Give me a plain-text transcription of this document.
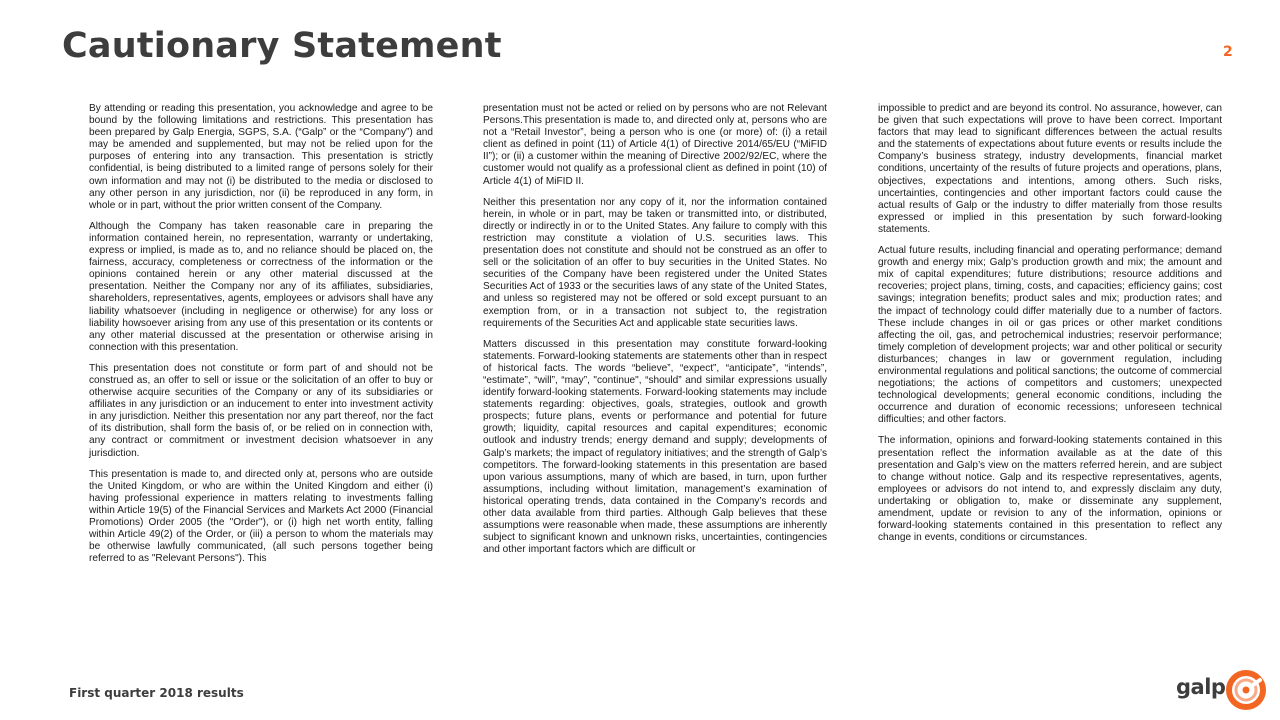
Cautionary Statement	2

By attending or reading this presentation, you acknowledge and agree to be bound by the following limitations and restrictions. This presentation has been prepared by Galp Energia, SGPS, S.A. (“Galp” or the “Company”) and may be amended and supplemented, but may not be relied upon for the purposes of entering into any transaction. This presentation is strictly confidential, is being distributed to a limited range of persons solely for their own information and may not (i) be distributed to the media or disclosed to any other person in any jurisdiction, nor (ii) be reproduced in any form, in whole or in part, without the prior written consent of the Company.

Although the Company has taken reasonable care in preparing the information contained herein, no representation, warranty or undertaking, express or implied, is made as to, and no reliance should be placed on, the fairness, accuracy, completeness or correctness of the information or the opinions contained herein or any other material discussed at the presentation. Neither the Company nor any of its affiliates, subsidiaries, shareholders, representatives, agents, employees or advisors shall have any liability whatsoever (including in negligence or otherwise) for any loss or liability howsoever arising from any use of this presentation or its contents or any other material discussed at the presentation or otherwise arising in connection with this presentation.

This presentation does not constitute or form part of and should not be construed as, an offer to sell or issue or the solicitation of an offer to buy or otherwise acquire securities of the Company or any of its subsidiaries or affiliates in any jurisdiction or an inducement to enter into investment activity in any jurisdiction. Neither this presentation nor any part thereof, nor the fact of its distribution, shall form the basis of, or be relied on in connection with, any contract or commitment or investment decision whatsoever in any jurisdiction.

This presentation is made to, and directed only at, persons who are outside the United Kingdom, or who are within the United Kingdom and either (i) having professional experience in matters relating to investments falling within Article 19(5) of the Financial Services and Markets Act 2000 (Financial Promotions) Order 2005 (the "Order"), or (i) high net worth entity, falling within Article 49(2) of the Order, or (iii) a person to whom the materials may be otherwise lawfully communicated, (all such persons together being referred to as "Relevant Persons"). This

presentation must not be acted or relied on by persons who are not Relevant Persons.This presentation is made to, and directed only at, persons who are not a “Retail Investor”, being a person who is one (or more) of: (i) a retail client as defined in point (11) of Article 4(1) of Directive 2014/65/EU (“MiFID II”); or (ii) a customer within the meaning of Directive 2002/92/EC, where the customer would not qualify as a professional client as defined in point (10) of Article 4(1) of MiFID II.

Neither this presentation nor any copy of it, nor the information contained herein, in whole or in part, may be taken or transmitted into, or distributed, directly or indirectly in or to the United States. Any failure to comply with this restriction may constitute a violation of U.S. securities laws. This presentation does not constitute and should not be construed as an offer to sell or the solicitation of an offer to buy securities in the United States. No securities of the Company have been registered under the United States Securities Act of 1933 or the securities laws of any state of the United States, and unless so registered may not be offered or sold except pursuant to an exemption from, or in a transaction not subject to, the registration requirements of the Securities Act and applicable state securities laws.

Matters discussed in this presentation may constitute forward-looking statements. Forward-looking statements are statements other than in respect of historical facts. The words “believe”, “expect”, “anticipate”, “intends”, “estimate”, “will”, “may”, "continue", “should” and similar expressions usually identify forward-looking statements. Forward-looking statements may include statements regarding: objectives, goals, strategies, outlook and growth prospects; future plans, events or performance and potential for future growth; liquidity, capital resources and capital expenditures; economic outlook and industry trends; energy demand and supply; developments of Galp’s markets; the impact of regulatory initiatives; and the strength of Galp’s competitors. The forward-looking statements in this presentation are based upon various assumptions, many of which are based, in turn, upon further assumptions, including without limitation, management’s examination of historical operating trends, data contained in the Company’s records and other data available from third parties. Although Galp believes that these assumptions were reasonable when made, these assumptions are inherently subject to significant known and unknown risks, uncertainties, contingencies and other important factors which are difficult or

impossible to predict and are beyond its control. No assurance, however, can be given that such expectations will prove to have been correct. Important factors that may lead to significant differences between the actual results and the statements of expectations about future events or results include the Company’s business strategy, industry developments, financial market conditions, uncertainty of the results of future projects and operations, plans, objectives, expectations and intentions, among others. Such risks, uncertainties, contingencies and other important factors could cause the actual results of Galp or the industry to differ materially from those results expressed or implied in this presentation by such forward-looking statements.

Actual future results, including financial and operating performance; demand growth and energy mix; Galp’s production growth and mix; the amount and mix of capital expenditures; future distributions; resource additions and recoveries; project plans, timing, costs, and capacities; efficiency gains; cost savings; integration benefits; product sales and mix; production rates; and the impact of technology could differ materially due to a number of factors. These include changes in oil or gas prices or other market conditions affecting the oil, gas, and petrochemical industries; reservoir performance; timely completion of development projects; war and other political or security disturbances; changes in law or government regulation, including environmental regulations and political sanctions; the outcome of commercial negotiations; the actions of competitors and customers; unexpected technological developments; general economic conditions, including the occurrence and duration of economic recessions; unforeseen technical difficulties; and other factors.

The information, opinions and forward-looking statements contained in this presentation reflect the information available as at the date of this presentation and Galp’s view on the matters referred herein, and are subject to change without notice. Galp and its respective representatives, agents, employees or advisors do not intend to, and expressly disclaim any duty, undertaking or obligation to, make or disseminate any supplement, amendment, update or revision to any of the information, opinions or forward-looking statements contained in this presentation to reflect any change in events, conditions or circumstances.

First quarter 2018 results	galp
